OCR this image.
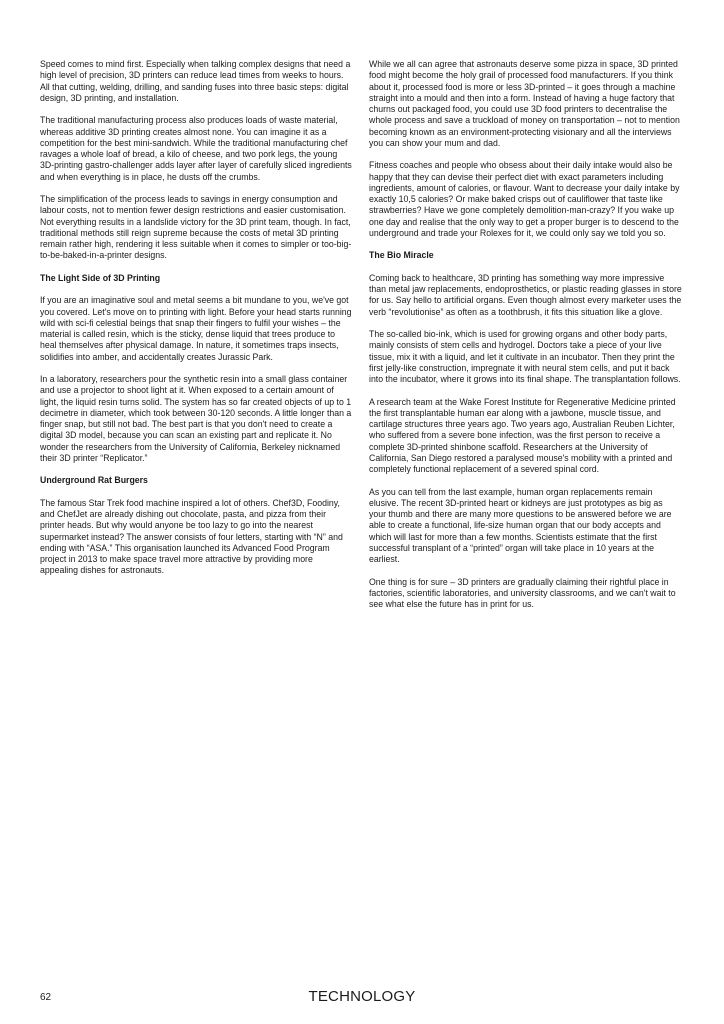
Speed comes to mind first. Especially when talking complex designs that need a high level of precision, 3D printers can reduce lead times from weeks to hours. All that cutting, welding, drilling, and sanding fuses into three basic steps: digital design, 3D printing, and installation.

The traditional manufacturing process also produces loads of waste material, whereas additive 3D printing creates almost none. You can imagine it as a competition for the best mini-sandwich. While the traditional manufacturing chef ravages a whole loaf of bread, a kilo of cheese, and two pork legs, the young 3D-printing gastro-challenger adds layer after layer of carefully sliced ingredients and when everything is in place, he dusts off the crumbs.

The simplification of the process leads to savings in energy consumption and labour costs, not to mention fewer design restrictions and easier customisation. Not everything results in a landslide victory for the 3D print team, though. In fact, traditional methods still reign supreme because the costs of metal 3D printing remain rather high, rendering it less suitable when it comes to simpler or too-big-to-be-baked-in-a-printer designs.

The Light Side of 3D Printing

If you are an imaginative soul and metal seems a bit mundane to you, we've got you covered. Let's move on to printing with light. Before your head starts running wild with sci-fi celestial beings that snap their fingers to fulfil your wishes – the material is called resin, which is the sticky, dense liquid that trees produce to heal themselves after physical damage. In nature, it sometimes traps insects, solidifies into amber, and accidentally creates Jurassic Park.

In a laboratory, researchers pour the synthetic resin into a small glass container and use a projector to shoot light at it. When exposed to a certain amount of light, the liquid resin turns solid. The system has so far created objects of up to 1 decimetre in diameter, which took between 30-120 seconds. A little longer than a finger snap, but still not bad. The best part is that you don't need to create a digital 3D model, because you can scan an existing part and replicate it. No wonder the researchers from the University of California, Berkeley nicknamed their 3D printer “Replicator.”

Underground Rat Burgers

The famous Star Trek food machine inspired a lot of others. Chef3D, Foodiny, and ChefJet are already dishing out chocolate, pasta, and pizza from their printer heads. But why would anyone be too lazy to go into the nearest supermarket instead? The answer consists of four letters, starting with “N” and ending with “ASA.” This organisation launched its Advanced Food Program project in 2013 to make space travel more attractive by providing more appealing dishes for astronauts.

While we all can agree that astronauts deserve some pizza in space, 3D printed food might become the holy grail of processed food manufacturers. If you think about it, processed food is more or less 3D-printed – it goes through a machine straight into a mould and then into a form. Instead of having a huge factory that churns out packaged food, you could use 3D food printers to decentralise the whole process and save a truckload of money on transportation – not to mention becoming known as an environment-protecting visionary and all the interviews you can show your mum and dad.

Fitness coaches and people who obsess about their daily intake would also be happy that they can devise their perfect diet with exact parameters including ingredients, amount of calories, or flavour. Want to decrease your daily intake by exactly 10,5 calories? Or make baked crisps out of cauliflower that taste like strawberries? Have we gone completely demolition-man-crazy? If you wake up one day and realise that the only way to get a proper burger is to descend to the underground and trade your Rolexes for it, we could only say we told you so.

The Bio Miracle

Coming back to healthcare, 3D printing has something way more impressive than metal jaw replacements, endoprosthetics, or plastic reading glasses in store for us. Say hello to artificial organs. Even though almost every marketer uses the verb “revolutionise” as often as a toothbrush, it fits this situation like a glove.

The so-called bio-ink, which is used for growing organs and other body parts, mainly consists of stem cells and hydrogel. Doctors take a piece of your live tissue, mix it with a liquid, and let it cultivate in an incubator. Then they print the first jelly-like construction, impregnate it with neural stem cells, and put it back into the incubator, where it grows into its final shape. The transplantation follows.

A research team at the Wake Forest Institute for Regenerative Medicine printed the first transplantable human ear along with a jawbone, muscle tissue, and cartilage structures three years ago. Two years ago, Australian Reuben Lichter, who suffered from a severe bone infection, was the first person to receive a complete 3D-printed shinbone scaffold. Researchers at the University of California, San Diego restored a paralysed mouse's mobility with a printed and completely functional replacement of a severed spinal cord.

As you can tell from the last example, human organ replacements remain elusive. The recent 3D-printed heart or kidneys are just prototypes as big as your thumb and there are many more questions to be answered before we are able to create a functional, life-size human organ that our body accepts and which will last for more than a few months. Scientists estimate that the first successful transplant of a “printed” organ will take place in 10 years at the earliest.

One thing is for sure – 3D printers are gradually claiming their rightful place in factories, scientific laboratories, and university classrooms, and we can't wait to see what else the future has in print for us.

62	TECHNOLOGY
